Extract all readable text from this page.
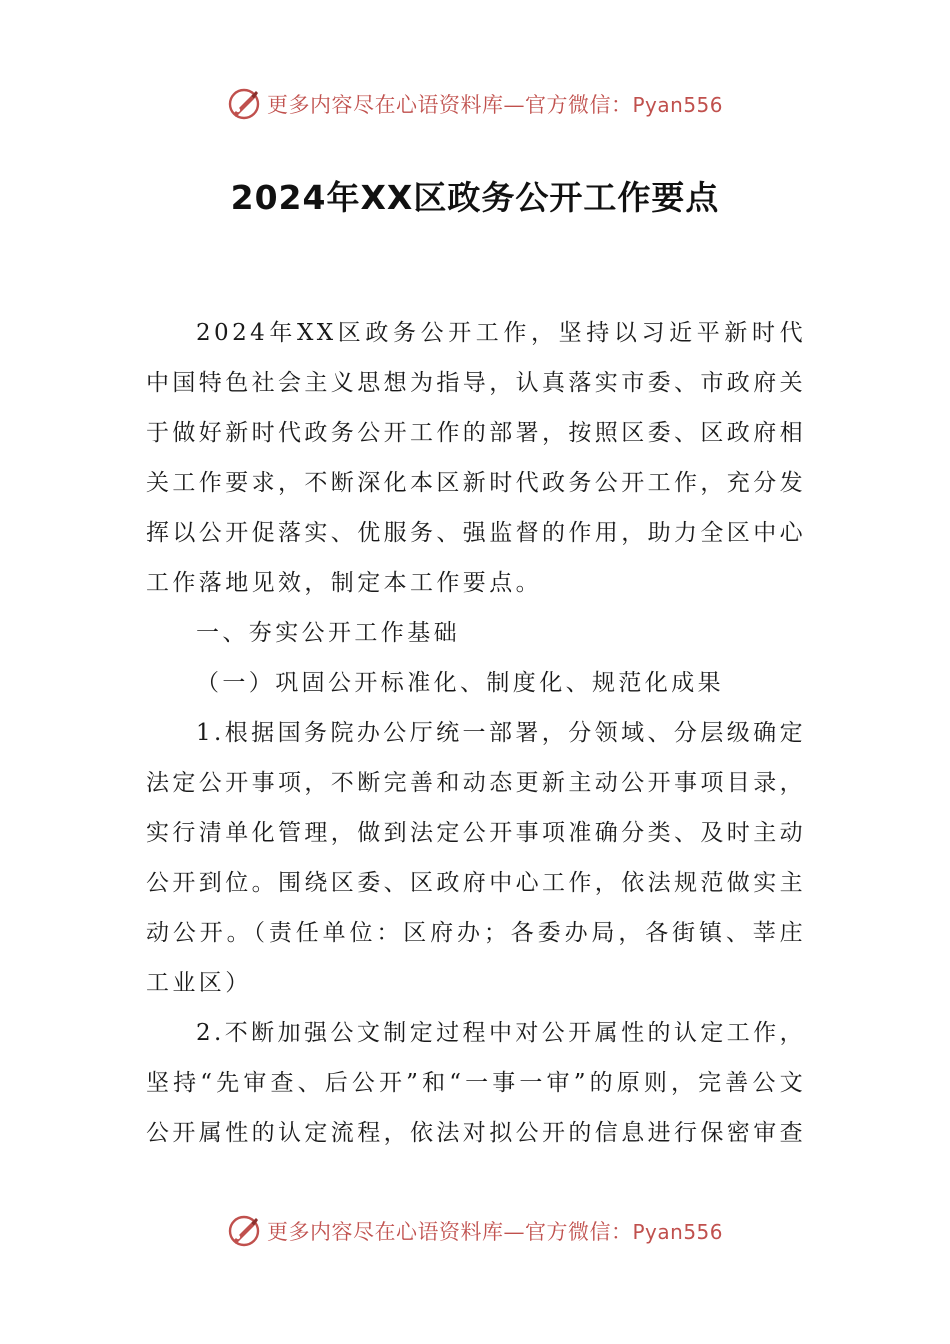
更多内容尽在心语资料库—官方微信：Pyan556
2024年XX区政务公开工作要点

2024年XX区政务公开工作，坚持以习近平新时代中国特色社会主义思想为指导，认真落实市委、市政府关于做好新时代政务公开工作的部署，按照区委、区政府相关工作要求，不断深化本区新时代政务公开工作，充分发挥以公开促落实、优服务、强监督的作用，助力全区中心工作落地见效，制定本工作要点。

一、夯实公开工作基础

（一）巩固公开标准化、制度化、规范化成果

1.根据国务院办公厅统一部署，分领域、分层级确定法定公开事项，不断完善和动态更新主动公开事项目录，实行清单化管理，做到法定公开事项准确分类、及时主动公开到位。围绕区委、区政府中心工作，依法规范做实主动公开。（责任单位：区府办；各委办局，各街镇、莘庄工业区）

2.不断加强公文制定过程中对公开属性的认定工作，坚持“先审查、后公开”和“一事一审”的原则，完善公文公开属性的认定流程，依法对拟公开的信息进行保密审查

更多内容尽在心语资料库—官方微信：Pyan556
